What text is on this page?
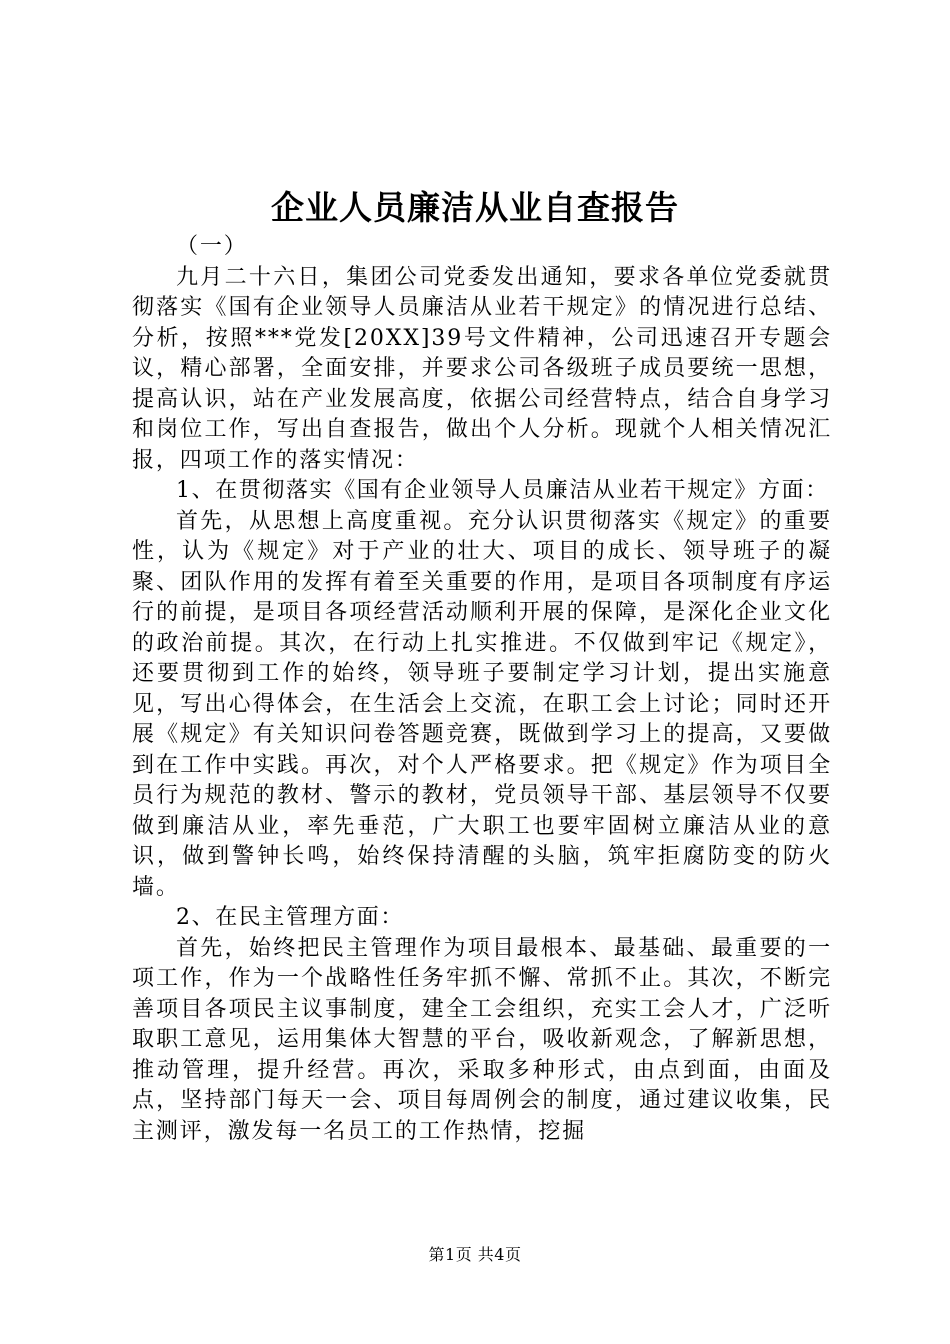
企业人员廉洁从业自查报告

（一）

九月二十六日，集团公司党委发出通知，要求各单位党委就贯彻落实《国有企业领导人员廉洁从业若干规定》的情况进行总结、分析，按照***党发[20XX]39号文件精神，公司迅速召开专题会议，精心部署，全面安排，并要求公司各级班子成员要统一思想，提高认识，站在产业发展高度，依据公司经营特点，结合自身学习和岗位工作，写出自查报告，做出个人分析。现就个人相关情况汇报，四项工作的落实情况：

1、在贯彻落实《国有企业领导人员廉洁从业若干规定》方面：

首先，从思想上高度重视。充分认识贯彻落实《规定》的重要性，认为《规定》对于产业的壮大、项目的成长、领导班子的凝聚、团队作用的发挥有着至关重要的作用，是项目各项制度有序运行的前提，是项目各项经营活动顺利开展的保障，是深化企业文化的政治前提。其次，在行动上扎实推进。不仅做到牢记《规定》，还要贯彻到工作的始终，领导班子要制定学习计划，提出实施意见，写出心得体会，在生活会上交流，在职工会上讨论；同时还开展《规定》有关知识问卷答题竞赛，既做到学习上的提高，又要做到在工作中实践。再次，对个人严格要求。把《规定》作为项目全员行为规范的教材、警示的教材，党员领导干部、基层领导不仅要做到廉洁从业，率先垂范，广大职工也要牢固树立廉洁从业的意识，做到警钟长鸣，始终保持清醒的头脑，筑牢拒腐防变的防火墙。

2、在民主管理方面：

首先，始终把民主管理作为项目最根本、最基础、最重要的一项工作，作为一个战略性任务牢抓不懈、常抓不止。其次，不断完善项目各项民主议事制度，建全工会组织，充实工会人才，广泛听取职工意见，运用集体大智慧的平台，吸收新观念，了解新思想，推动管理，提升经营。再次，采取多种形式，由点到面，由面及点，坚持部门每天一会、项目每周例会的制度，通过建议收集，民主测评，激发每一名员工的工作热情，挖掘

第1页 共4页
